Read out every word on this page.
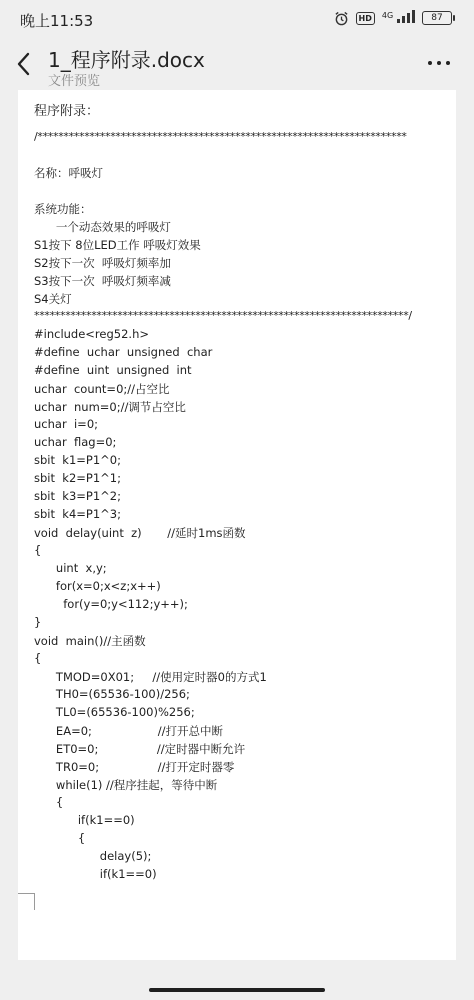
晚上11:53	HD	$^{4G}$	87
1_程序附录.docx
文件预览
程序附录：
/***********************************************************************
名称：呼吸灯
系统功能：
一个动态效果的呼吸灯
S1按下 8位LED工作 呼吸灯效果
S2按下一次  呼吸灯频率加
S3按下一次  呼吸灯频率减
S4关灯
************************************************************************/
#include<reg52.h>
#define  uchar  unsigned  char
#define  uint  unsigned  int
uchar  count=0;//占空比
uchar  num=0;//调节占空比
uchar  i=0;
uchar  flag=0;
sbit  k1=P1^0;
sbit  k2=P1^1;
sbit  k3=P1^2;
sbit  k4=P1^3;
void  delay(uint  z)       //延时1ms函数
{
uint  x,y;
for(x=0;x<z;x++)
for(y=0;y<112;y++);
}
void  main()//主函数
{
TMOD=0X01;     //使用定时器0的方式1
TH0=(65536-100)/256;
TL0=(65536-100)%256;
EA=0;                  //打开总中断
ET0=0;                //定时器中断允许
TR0=0;                //打开定时器零
while(1) //程序挂起，等待中断
{
if(k1==0)
{
delay(5);
if(k1==0)
